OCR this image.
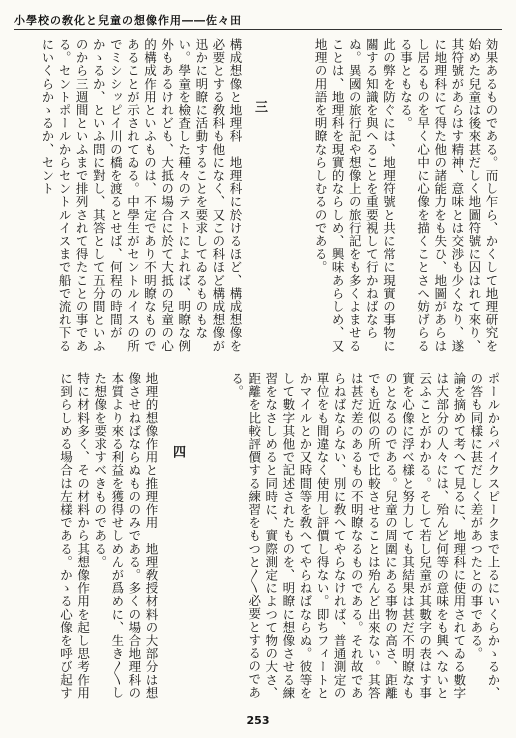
小學校の敎化と兒童の想像作用――佐々田

効果あるものである。而し乍ら、かくして地理研究を始めた兒童は後來甚だしく地圖符號に囚はれて來り、其符號があらはす精神、意味とは交渉も少くなり、遂に地理科にて得た他の諸能力をも失ひ、地圖があらはし居るものを早く心中に心像を描くことさへ妨げらるる事ともなる。

此の弊を防ぐには、地理符號と共に常に現實の事物に關する知識を與へることを重要視して行かねばならぬ。異國の旅行記や想像上の旅行記をも多くよませることは、地理科を現實的ならしめ、興味あらしめ、又地理の用語を明瞭ならしむるのである。

三

構成想像と地理科　地理科に於けるほど、構成想像を必要とする敎科も他になく、又この科ほど構成想像が迅かに明瞭に活動することを要求してゐるものもない。學童を檢査した種々のテストによれば、明瞭な例外もあるけれども、大抵の場合に於て大抵の兒童の心的構成作用といふものは、不定であり不明瞭なものであることが示されてゐる。中學生がセントルイスの所でミシシッピイ川の橋を渡るとせば、何程の時間がかゝるか、といふ問に對し、其答として五分間といふのから三週間といふまで排列されて得たことの事である。セントポールからセントルイスまで船で流れ下るにいくらかゝるか、セント

ポールからパイクスピークまで上るにいくらかゝるか、の答も同樣に甚だしく差があつたとの事である。

論を摘めて考へて見るに、地理科に使用されてゐる數字は大部分の人々には、殆んど何等の意味をも興へないと云ふことがわかる。そして若し兒童が其數字の表はす事實を心像に浮べ樣と努力しても其結果は甚だ不明瞭なものとなるのである。兒童の周圍にある事物の高さ、距離でも近似の所で比較させることは殆んど出來ない。其答は甚だ差のあるもの不明瞭なるものである。それ故であらねばならない、別に敎へてやらなければ、普通測定の單位をも間違なく使用し評價し得ない。即ちフィートとかマイルとか又時間等を敎へてやらねばならぬ。彼等をして數字其他で記述されたものを、明瞭に想像させる練習をなさしめると同時に、實際測定によつて物の大さ、距離を比較評價する練習をもつと〳〵必要とするのである。

四

地理的想像作用と推理作用　地理敎授材料の大部分は想像させねばならぬもののみである。多くの場合地理科の本質より來る利益を獲得せしめんが爲めに、生き〳〵した想像を要求すべきものである。

特に材料多く、その材料から其想像作用を起し思考作用に到らしめる場合は左樣である。かゝる心像を呼び起す

253
